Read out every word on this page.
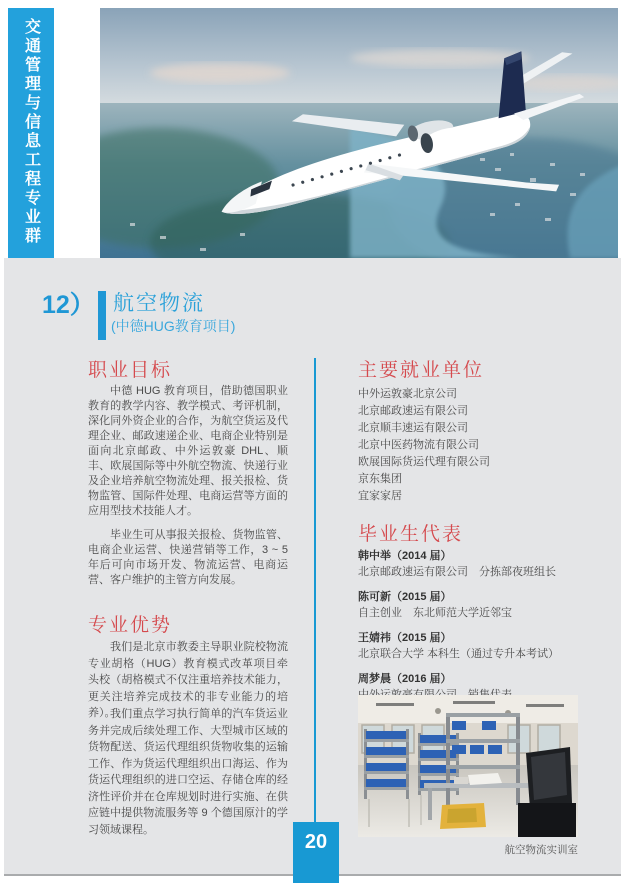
交通管理与信息工程专业群
12） 航空物流
(中德HUG教育项目)
职业目标

中德 HUG 教育项目，借助德国职业教育的教学内容、教学模式、考评机制，深化同外资企业的合作，为航空货运及代理企业、邮政速递企业、电商企业特别是面向北京邮政、中外运敦豪 DHL、顺丰、欧展国际等中外航空物流、快递行业及企业培养航空物流处理、报关报检、货物监管、国际件处理、电商运营等方面的应用型技术技能人才。

毕业生可从事报关报检、货物监管、电商企业运营、快递营销等工作，3 ~ 5 年后可向市场开发、物流运营、电商运营、客户维护的主管方向发展。

专业优势

我们是北京市教委主导职业院校物流专业胡格（HUG）教育模式改革项目牵头校（胡格模式不仅注重培养技术能力，更关注培养完成技术的非专业能力的培养）。

我们重点学习执行简单的汽车货运业务并完成后续处理工作、大型城市区域的货物配送、货运代理组织货物收集的运输工作、作为货运代理组织出口海运、作为货运代理组织的进口空运、存储仓库的经济性评价并在仓库规划时进行实施、在供应链中提供物流服务等 9 个德国原汁的学习领域课程。

主要就业单位
中外运敦豪北京公司
北京邮政速运有限公司
北京顺丰速运有限公司
北京中医药物流有限公司
欧展国际货运代理有限公司
京东集团
宜家家居
毕业生代表
韩中举（2014 届）
北京邮政速运有限公司　分拣部夜班组长
陈可新（2015 届）
自主创业　东北师范大学近邻宝
王婧祎（2015 届）
北京联合大学 本科生（通过专升本考试）
周梦晨（2016 届）
航空物流实训室
20
